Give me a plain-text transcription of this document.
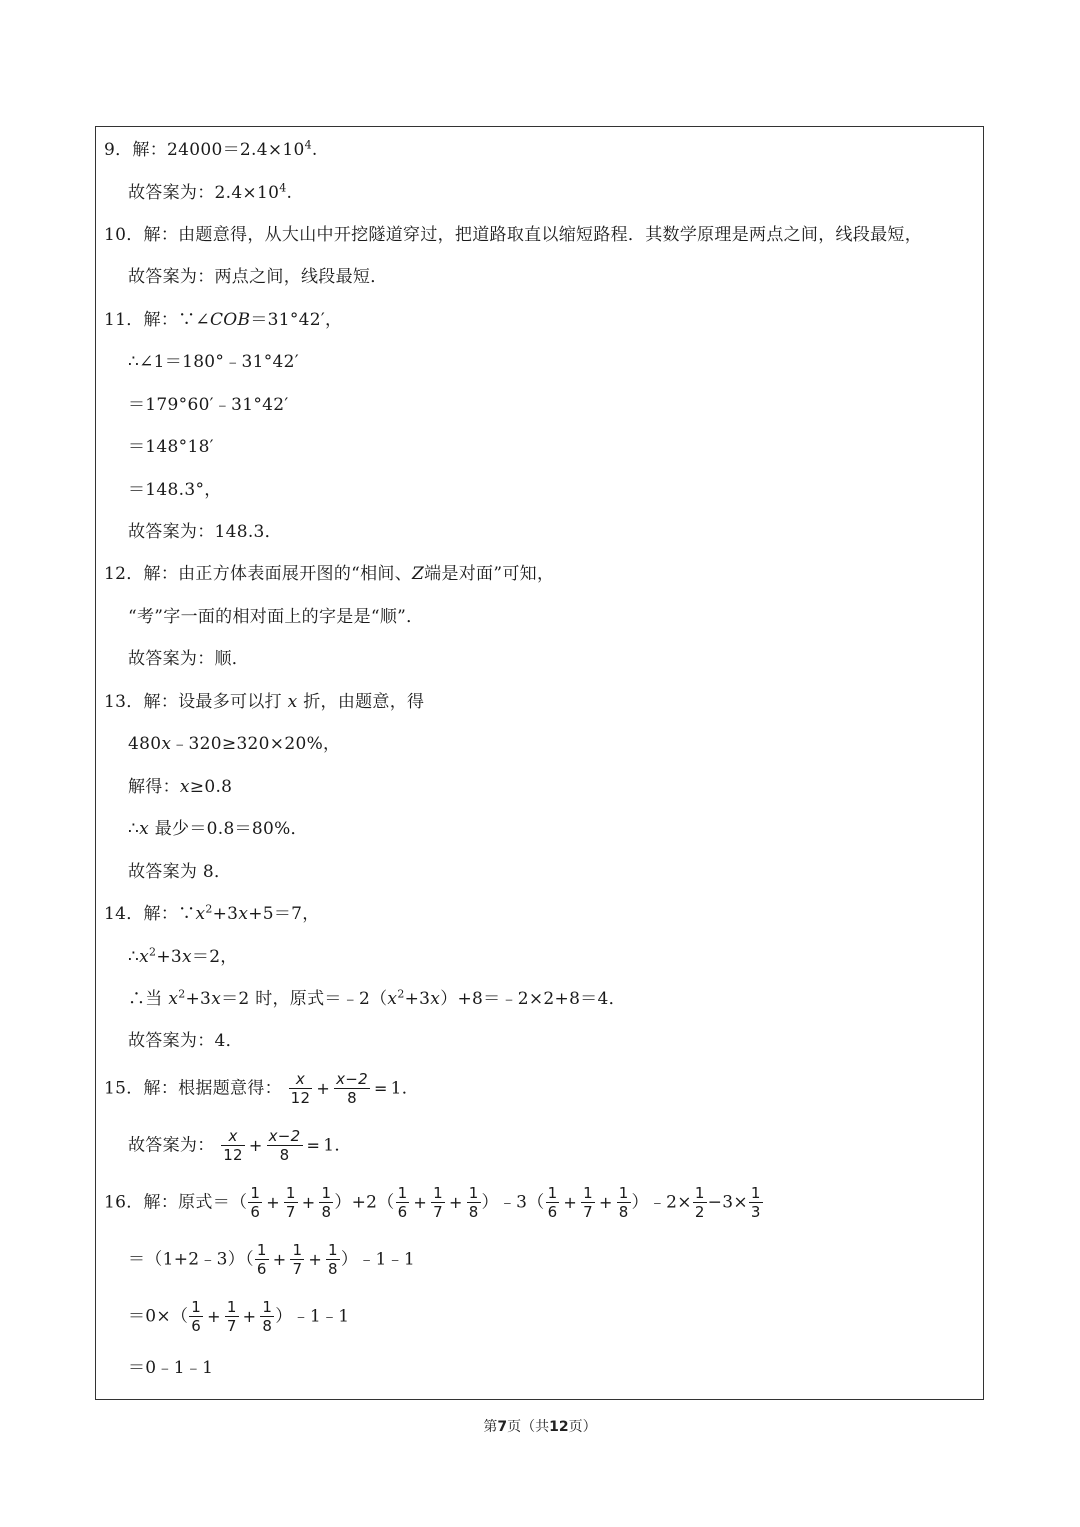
9．解：$24000=2.4\times 10^4$.
故答案为：$2.4\times 10^4$.
10．解：由题意得，从大山中开挖隧道穿过，把道路取直以缩短路程．其数学原理是两点之间，线段最短，
故答案为：两点之间，线段最短．
11．解：∵∠COB＝31°42′，
∴∠1＝180°﹣31°42′
＝179°60′﹣31°42′
＝148°18′
＝148.3°，
故答案为：148.3．
12．解：由正方体表面展开图的“相间、Z端是对面”可知，
“考”字一面的相对面上的字是是“顺”．
故答案为：顺．
13．解：设最多可以打 x 折，由题意，得
480x﹣320≥320×20%，
解得：x≥0.8
∴x 最少＝0.8＝80%．
故答案为 8．
14．解：$\because x^2+3x+5=7$，
$\therefore x^2+3x=2$，
∴当 $x^2+3x=2$ 时，原式$=﹣2(x^2+3x)+8=﹣2\times 2+8=4$．
故答案为：4．
15．解：根据题意得： $\frac{x}{12} + \frac{x-2}{8} = 1$．
故答案为： $\frac{x}{12} + \frac{x-2}{8} = 1$．
16．解：原式＝（ $\frac{1}{6} + \frac{1}{7} + \frac{1}{8} )+2( \frac{1}{6} + \frac{1}{7} + \frac{1}{8}$ ）﹣3（ $\frac{1}{6} + \frac{1}{7} + \frac{1}{8}$ ）﹣2× $\frac{1}{2} -3\times \frac{1}{3}$
＝（1+2﹣3）（ $\frac{1}{6} + \frac{1}{7} + \frac{1}{8}$ ）﹣1﹣1
$=0\times( \frac{1}{6} + \frac{1}{7} + \frac{1}{8}$ ）﹣1﹣1
＝0﹣1﹣1
第7页（共12页）
